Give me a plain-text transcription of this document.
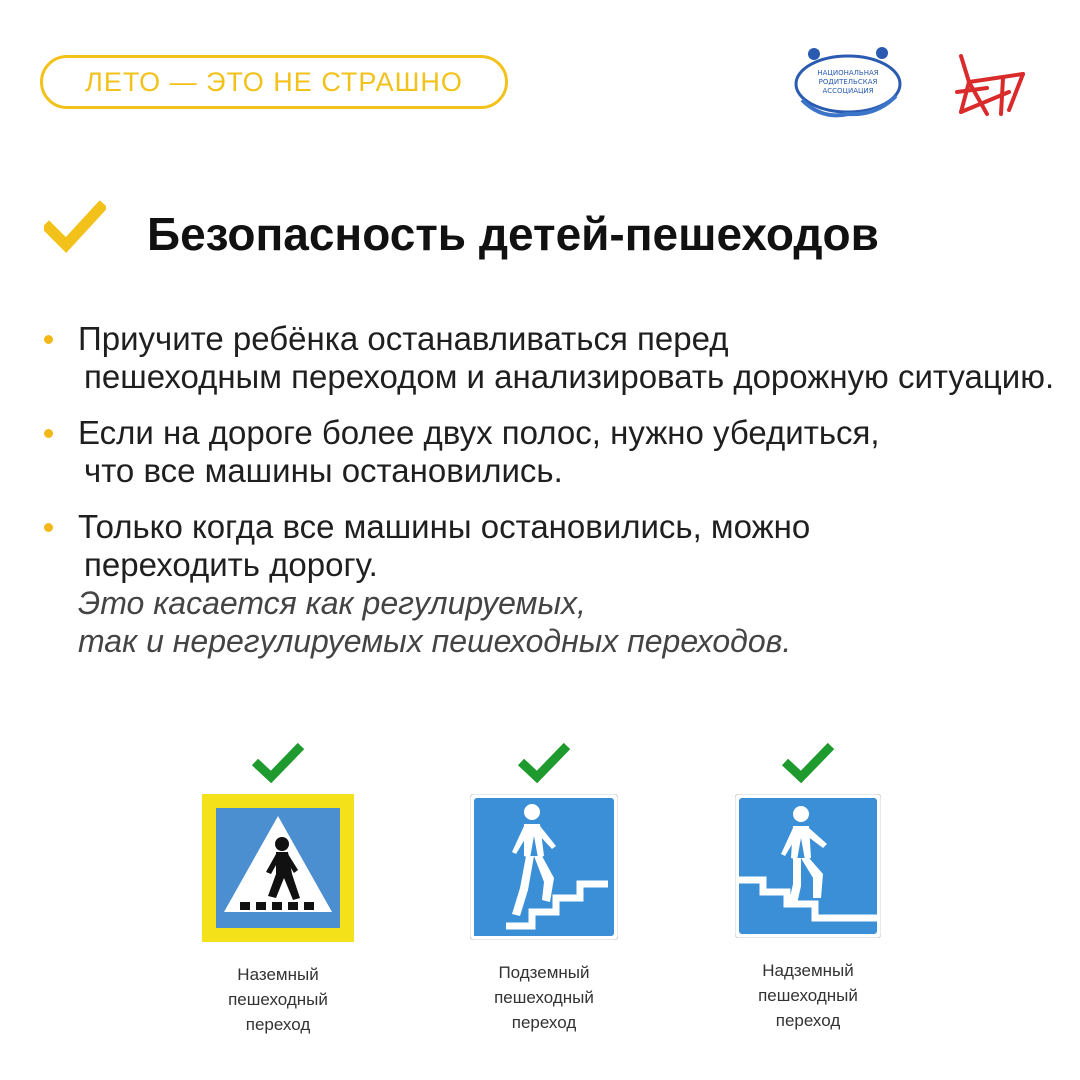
ЛЕТО — ЭТО НЕ СТРАШНО	НАЦИОНАЛЬНАЯ
РОДИТЕЛЬСКАЯ
АССОЦИАЦИЯ
Безопасность детей-пешеходов
Приучите ребёнка останавливаться перед
пешеходным переходом и анализировать дорожную ситуацию.
Если на дороге более двух полос, нужно убедиться,
что все машины остановились.
Только когда все машины остановились, можно
переходить дорогу.
Это касается как регулируемых,
так и нерегулируемых пешеходных переходов.
Наземный
пешеходный
переход
Подземный
пешеходный
переход
Надземный
пешеходный
переход
